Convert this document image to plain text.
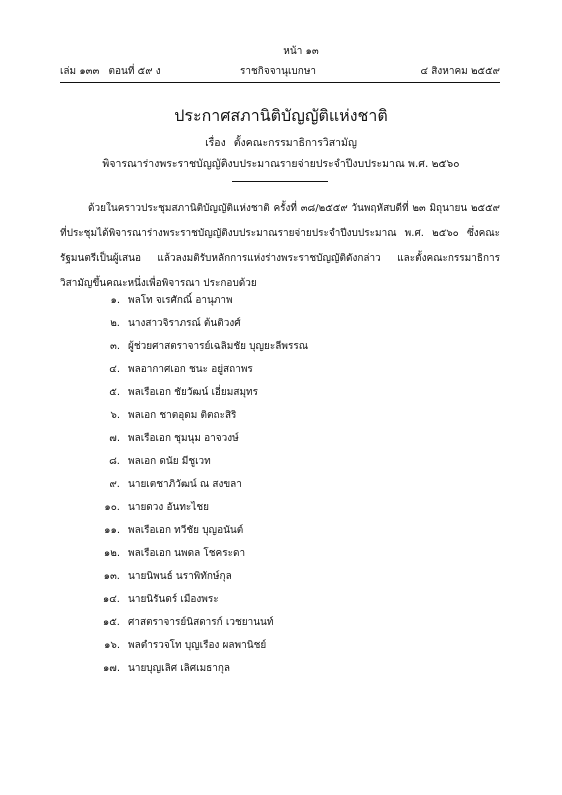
หน้า ๑๓
เล่ม ๑๓๓ ตอนที่ ๕๙ ง	ราชกิจจานุเบกษา	๔ สิงหาคม ๒๕๕๙
ประกาศสภานิติบัญญัติแห่งชาติ
เรื่อง ตั้งคณะกรรมาธิการวิสามัญ
พิจารณาร่างพระราชบัญญัติงบประมาณรายจ่ายประจำปีงบประมาณ พ.ศ. ๒๕๖๐
ด้วยในคราวประชุมสภานิติบัญญัติแห่งชาติ ครั้งที่ ๓๘/๒๕๕๙ วันพฤหัสบดีที่ ๒๓ มิถุนายน ๒๕๕๙ ที่ประชุมได้พิจารณาร่างพระราชบัญญัติงบประมาณรายจ่ายประจำปีงบประมาณ พ.ศ. ๒๕๖๐ ซึ่งคณะรัฐมนตรีเป็นผู้เสนอ แล้วลงมติรับหลักการแห่งร่างพระราชบัญญัติดังกล่าว และตั้งคณะกรรมาธิการวิสามัญขึ้นคณะหนึ่งเพื่อพิจารณา ประกอบด้วย
๑. พลโท จเรศักณิ์ อานุภาพ
๒. นางสาวจิราภรณ์ ต้นติวงศ์
๓. ผู้ช่วยศาสตราจารย์เฉลิมชัย บุญยะลีพรรณ
๔. พลอากาศเอก ชนะ อยู่สถาพร
๕. พลเรือเอก ชัยวัฒน์ เอี่ยมสมุทร
๖. พลเอก ชาตอุดม ติตถะสิริ
๗. พลเรือเอก ชุมนุม อาจวงษ์
๘. พลเอก ดนัย มีชูเวท
๙. นายเตชาภิวัฒน์ ณ สงขลา
๑๐. นายดวง อันทะไชย
๑๑. พลเรือเอก ทวีชัย บุญอนันต์
๑๒. พลเรือเอก นพดล โชคระดา
๑๓. นายนิพนธ์ นราพิทักษ์กุล
๑๔. นายนิรันดร์ เมืองพระ
๑๕. ศาสตราจารย์นิสดารก์ เวชยานนท์
๑๖. พลตำรวจโท บุญเรือง ผลพานิชย์
๑๗. นายบุญเลิศ เลิศเมธากุล
